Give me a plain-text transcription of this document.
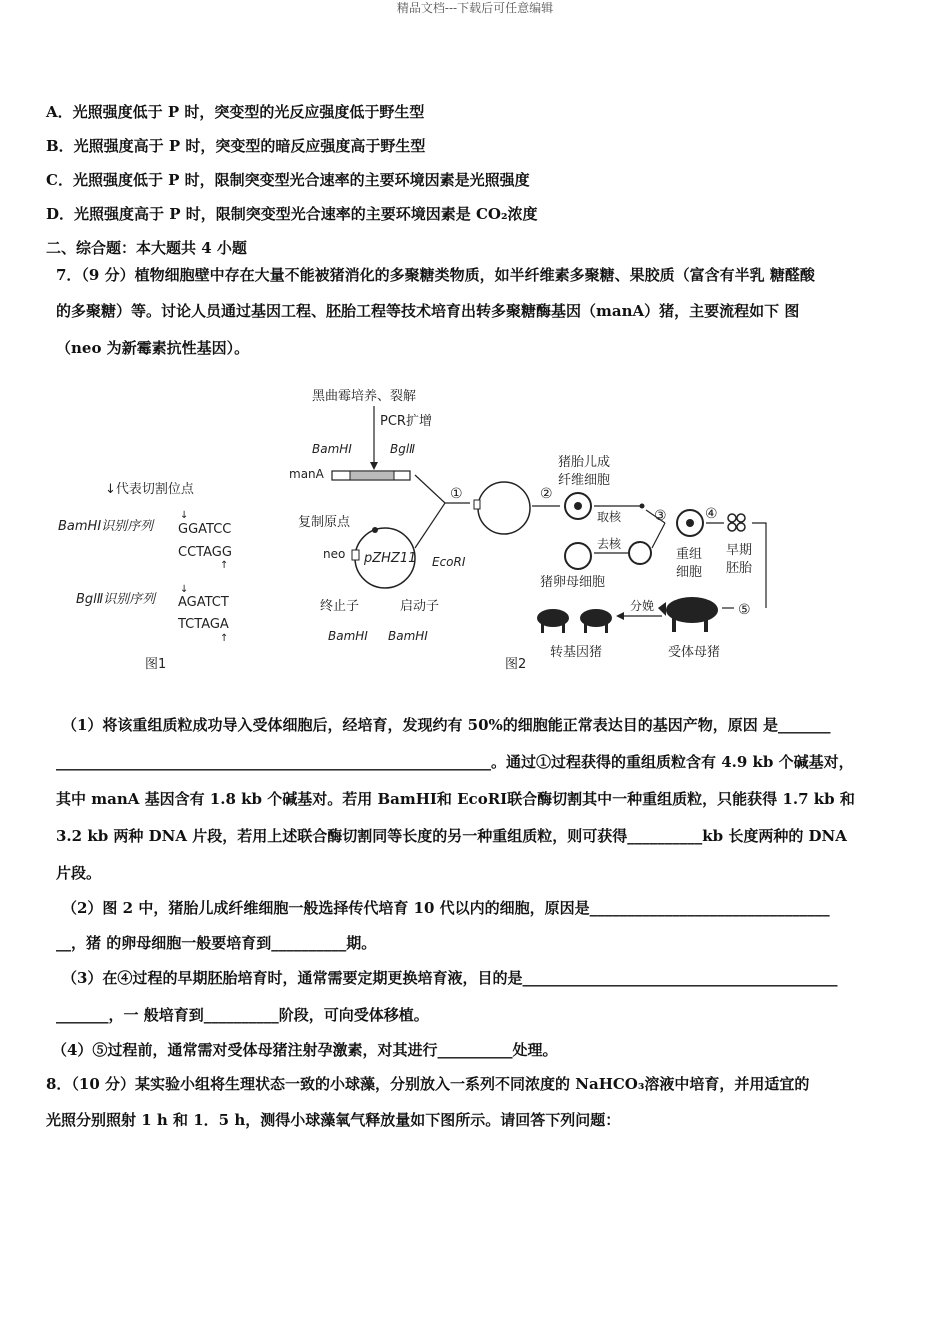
精品文档---下载后可任意编辑
A．光照强度低于 P 时，突变型的光反应强度低于野生型
B．光照强度高于 P 时，突变型的暗反应强度高于野生型
C．光照强度低于 P 时，限制突变型光合速率的主要环境因素是光照强度
D．光照强度高于 P 时，限制突变型光合速率的主要环境因素是 CO₂浓度
二、综合题：本大题共 4 小题
7．（9 分）植物细胞壁中存在大量不能被猪消化的多聚糖类物质，如半纤维素多聚糖、果胶质（富含有半乳 糖醛酸
的多聚糖）等。讨论人员通过基因工程、胚胎工程等技术培育出转多聚糖酶基因（manA）猪，主要流程如下 图
（neo 为新霉素抗性基因）。
↓代表切割位点
BamHⅠ识别序列
↓
GGATCC
CCTAGG
↑
BglⅡ识别序列
↓
AGATCT
TCTAGA
↑
图1
黑曲霉培养、裂解
PCR扩增
BamHⅠ	BglⅡ
manA
复制原点
neo pZHZ11 EcoRⅠ
终止子	启动子
BamHⅠ BamHⅠ
①	②
猪胎儿成
纤维细胞
取核
去核
猪卵母细胞
③
重组
细胞
④
早期
胚胎
⑤
受体母猪
分娩
转基因猪
图2
（1）将该重组质粒成功导入受体细胞后，经培育，发现约有 50%的细胞能正常表达目的基因产物，原因 是_______
__________________________________________________________。通过①过程获得的重组质粒含有 4.9 kb 个碱基对，
其中 manA 基因含有 1.8 kb 个碱基对。若用 BamHⅠ和 EcoRⅠ联合酶切割其中一种重组质粒，只能获得 1.7 kb 和
3.2 kb 两种 DNA 片段，若用上述联合酶切割同等长度的另一种重组质粒，则可获得__________kb 长度两种的 DNA
片段。
（2）图 2 中，猪胎儿成纤维细胞一般选择传代培育 10 代以内的细胞，原因是________________________________
__，猪 的卵母细胞一般要培育到__________期。
（3）在④过程的早期胚胎培育时，通常需要定期更换培育液，目的是__________________________________________
_______，一 般培育到__________阶段，可向受体移植。
（4）⑤过程前，通常需对受体母猪注射孕激素，对其进行__________处理。
8．（10 分）某实验小组将生理状态一致的小球藻，分别放入一系列不同浓度的 NaHCO₃溶液中培育，并用适宜的
光照分别照射 1 h 和 1．5 h，测得小球藻氧气释放量如下图所示。请回答下列问题：
